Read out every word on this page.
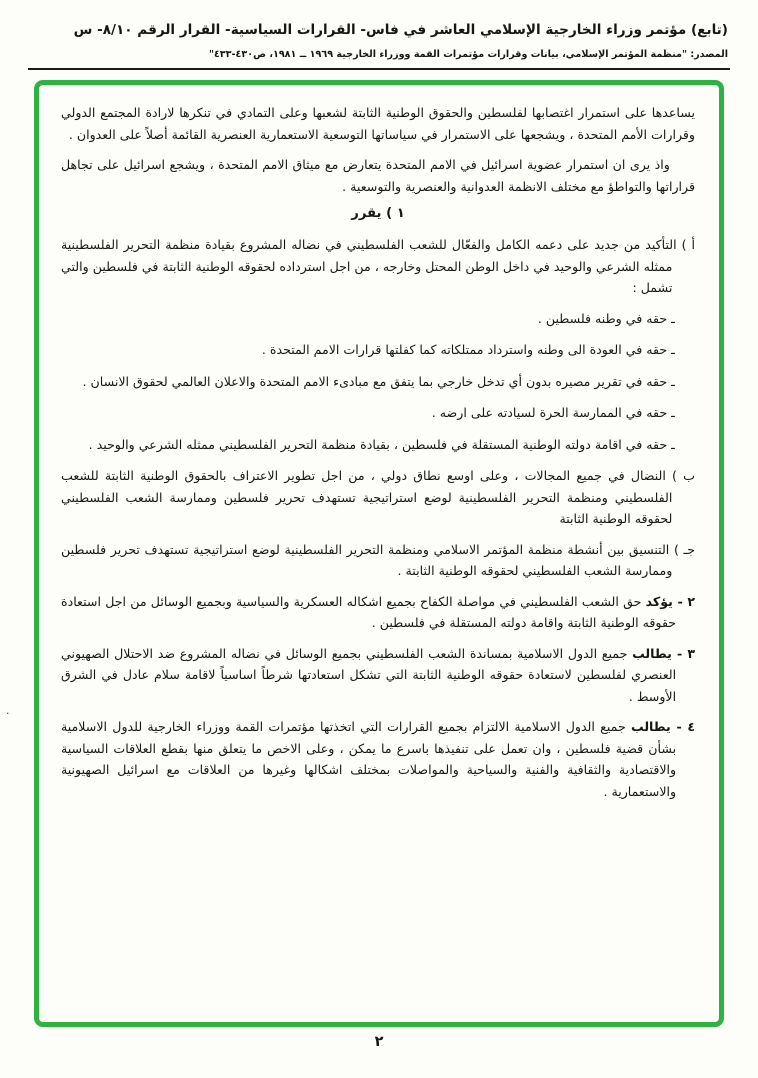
(تابع) مؤتمر وزراء الخارجية الإسلامي العاشر في فاس- القرارات السياسية- القرار الرقم ٨/١٠- س
المصدر: "منظمة المؤتمر الإسلامي، بيانات وقرارات مؤتمرات القمة ووزراء الخارجية ١٩٦٩ ــ ١٩٨١، ص٤٣٠-٤٣٣"

يساعدها على استمرار اغتصابها لفلسطين والحقوق الوطنية الثابتة لشعبها وعلى التمادي في تنكرها لارادة المجتمع الدولي وقرارات الأمم المتحدة ، ويشجعها على الاستمرار في سياساتها التوسعية الاستعمارية العنصرية القائمة أصلاً على العدوان .

واذ يرى ان استمرار عضوية اسرائيل في الامم المتحدة يتعارض مع ميثاق الامم المتحدة ، ويشجع اسرائيل على تجاهل قراراتها والتواطؤ مع مختلف الانظمة العدوانية والعنصرية والتوسعية .

١ ) يقرر

أ ) التأكيد من جديد على دعمه الكامل والفعّال للشعب الفلسطيني في نضاله المشروع بقيادة منظمة التحرير الفلسطينية ممثله الشرعي والوحيد في داخل الوطن المحتل وخارجه ، من اجل استرداده لحقوقه الوطنية الثابتة في فلسطين والتي تشمل :

ـ حقه في وطنه فلسطين .

ـ حقه في العودة الى وطنه واسترداد ممتلكاته كما كفلتها قرارات الامم المتحدة .

ـ حقه في تقرير مصيره بدون أي تدخل خارجي بما يتفق مع مبادىء الامم المتحدة والاعلان العالمي لحقوق الانسان .

ـ حقه في الممارسة الحرة لسيادته على ارضه .

ـ حقه في اقامة دولته الوطنية المستقلة في فلسطين ، بقيادة منظمة التحرير الفلسطيني ممثله الشرعي والوحيد .

ب ) النضال في جميع المجالات ، وعلى اوسع نطاق دولي ، من اجل تطوير الاعتراف بالحقوق الوطنية الثابتة للشعب الفلسطيني ومنظمة التحرير الفلسطينية لوضع استراتيجية تستهدف تحرير فلسطين وممارسة الشعب الفلسطيني لحقوقه الوطنية الثابتة

جـ ) التنسيق بين أنشطة منظمة المؤتمر الاسلامي ومنظمة التحرير الفلسطينية لوضع استراتيجية تستهدف تحرير فلسطين وممارسة الشعب الفلسطيني لحقوقه الوطنية الثابتة .

٢ - يؤكد حق الشعب الفلسطيني في مواصلة الكفاح بجميع اشكاله العسكرية والسياسية وبجميع الوسائل من اجل استعادة حقوقه الوطنية الثابتة واقامة دولته المستقلة في فلسطين .

٣ - يطالب جميع الدول الاسلامية بمساندة الشعب الفلسطيني بجميع الوسائل في نضاله المشروع ضد الاحتلال الصهيوني العنصري لفلسطين لاستعادة حقوقه الوطنية الثابتة التي تشكل استعادتها شرطاً اساسياً لاقامة سلام عادل في الشرق الأوسط .

٤ - يطالب جميع الدول الاسلامية الالتزام بجميع القرارات التي اتخذتها مؤتمرات القمة ووزراء الخارجية للدول الاسلامية بشأن قضية فلسطين ، وان تعمل على تنفيذها باسرع ما يمكن ، وعلى الاخص ما يتعلق منها بقطع العلاقات السياسية والاقتصادية والثقافية والفنية والسياحية والمواصلات بمختلف اشكالها وغيرها من العلاقات مع اسرائيل الصهيونية والاستعمارية .

.
٢
